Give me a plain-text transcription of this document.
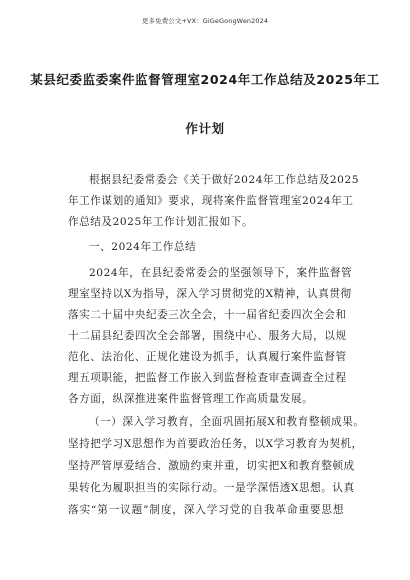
更多免费公文+VX：GiGeGongWen2024
某县纪委监委案件监督管理室2024年工作总结及2025年工
作计划
根据县纪委常委会《关于做好2024年工作总结及2025
年工作谋划的通知》要求，现将案件监督管理室2024年工
作总结及2025年工作计划汇报如下。
一、2024年工作总结
2024年，在县纪委常委会的坚强领导下，案件监督管
理室坚持以X为指导，深入学习贯彻党的X精神，认真贯彻
落实二十届中央纪委三次全会，十一届省纪委四次全会和
十二届县纪委四次全会部署，围绕中心、服务大局，以规
范化、法治化、正规化建设为抓手，认真履行案件监督管
理五项职能，把监督工作嵌入到监督检查审查调查全过程
各方面，纵深推进案件监督管理工作高质量发展。
（一）深入学习教育，全面巩固拓展X和教育整顿成果。
坚持把学习X思想作为首要政治任务，以X学习教育为契机，
坚持严管厚爱结合、激励约束并重，切实把X和教育整顿成
果转化为履职担当的实际行动。一是学深悟透X思想。认真
落实“第一议题”制度，深入学习党的自我革命重要思想
